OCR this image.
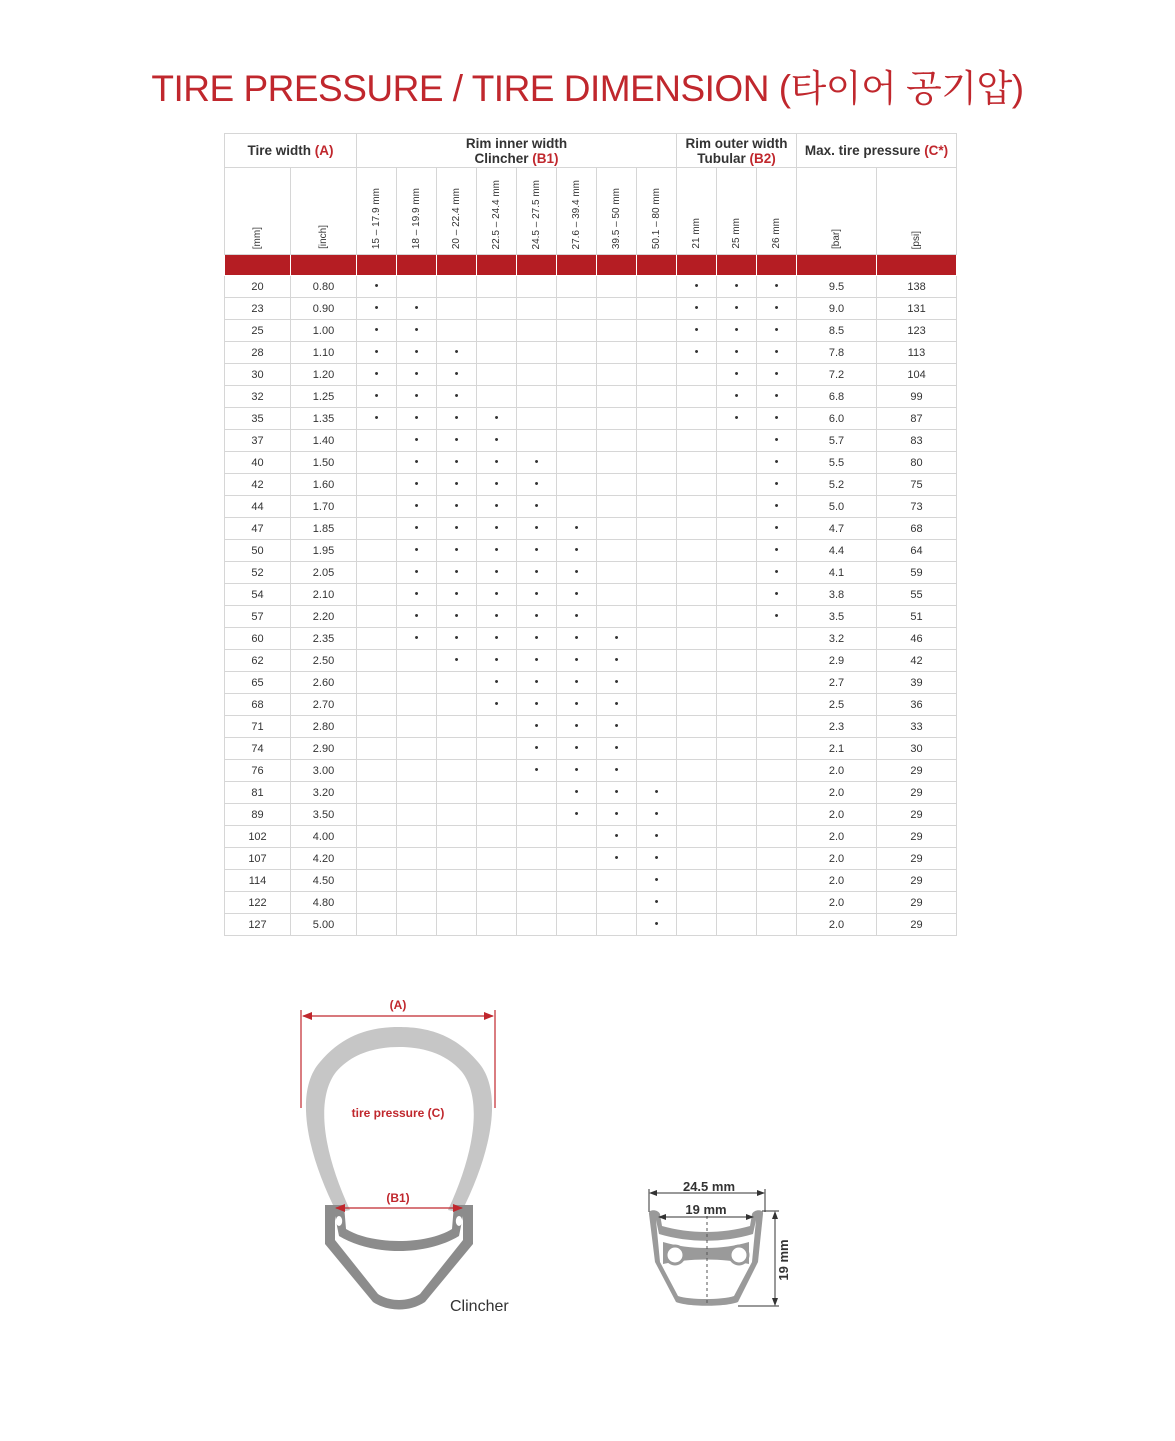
TIRE PRESSURE / TIRE DIMENSION (타이어 공기압)
Tire width (A)		Rim inner width
Clincher (B1)								Rim outer width
Tubular (B2)			Max. tire pressure (C*)	
[mm]	[inch]	15 – 17.9 mm	18 – 19.9 mm	20 – 22.4 mm	22.5 – 24.4 mm	24.5 – 27.5 mm	27.6 – 39.4 mm	39.5 – 50 mm	50.1 – 80 mm	21 mm	25 mm	26 mm	[bar]	[psi]

20	0.80	•								•	•	•	9.5	138
23	0.90	•	•							•	•	•	9.0	131
25	1.00	•	•							•	•	•	8.5	123
28	1.10	•	•	•						•	•	•	7.8	113
30	1.20	•	•	•							•	•	7.2	104
32	1.25	•	•	•							•	•	6.8	99
35	1.35	•	•	•	•						•	•	6.0	87
37	1.40		•	•	•							•	5.7	83
40	1.50		•	•	•	•						•	5.5	80
42	1.60		•	•	•	•						•	5.2	75
44	1.70		•	•	•	•						•	5.0	73
47	1.85		•	•	•	•	•					•	4.7	68
50	1.95		•	•	•	•	•					•	4.4	64
52	2.05		•	•	•	•	•					•	4.1	59
54	2.10		•	•	•	•	•					•	3.8	55
57	2.20		•	•	•	•	•					•	3.5	51
60	2.35		•	•	•	•	•	•					3.2	46
62	2.50			•	•	•	•	•					2.9	42
65	2.60				•	•	•	•					2.7	39
68	2.70				•	•	•	•					2.5	36
71	2.80					•	•	•					2.3	33
74	2.90					•	•	•					2.1	30
76	3.00					•	•	•					2.0	29
81	3.20						•	•	•				2.0	29
89	3.50						•	•	•				2.0	29
102	4.00							•	•				2.0	29
107	4.20							•	•				2.0	29
114	4.50								•				2.0	29
122	4.80								•				2.0	29
127	5.00								•				2.0	29
(A)
tire pressure (C)
(B1)
Clincher
24.5 mm
19 mm
19 mm
